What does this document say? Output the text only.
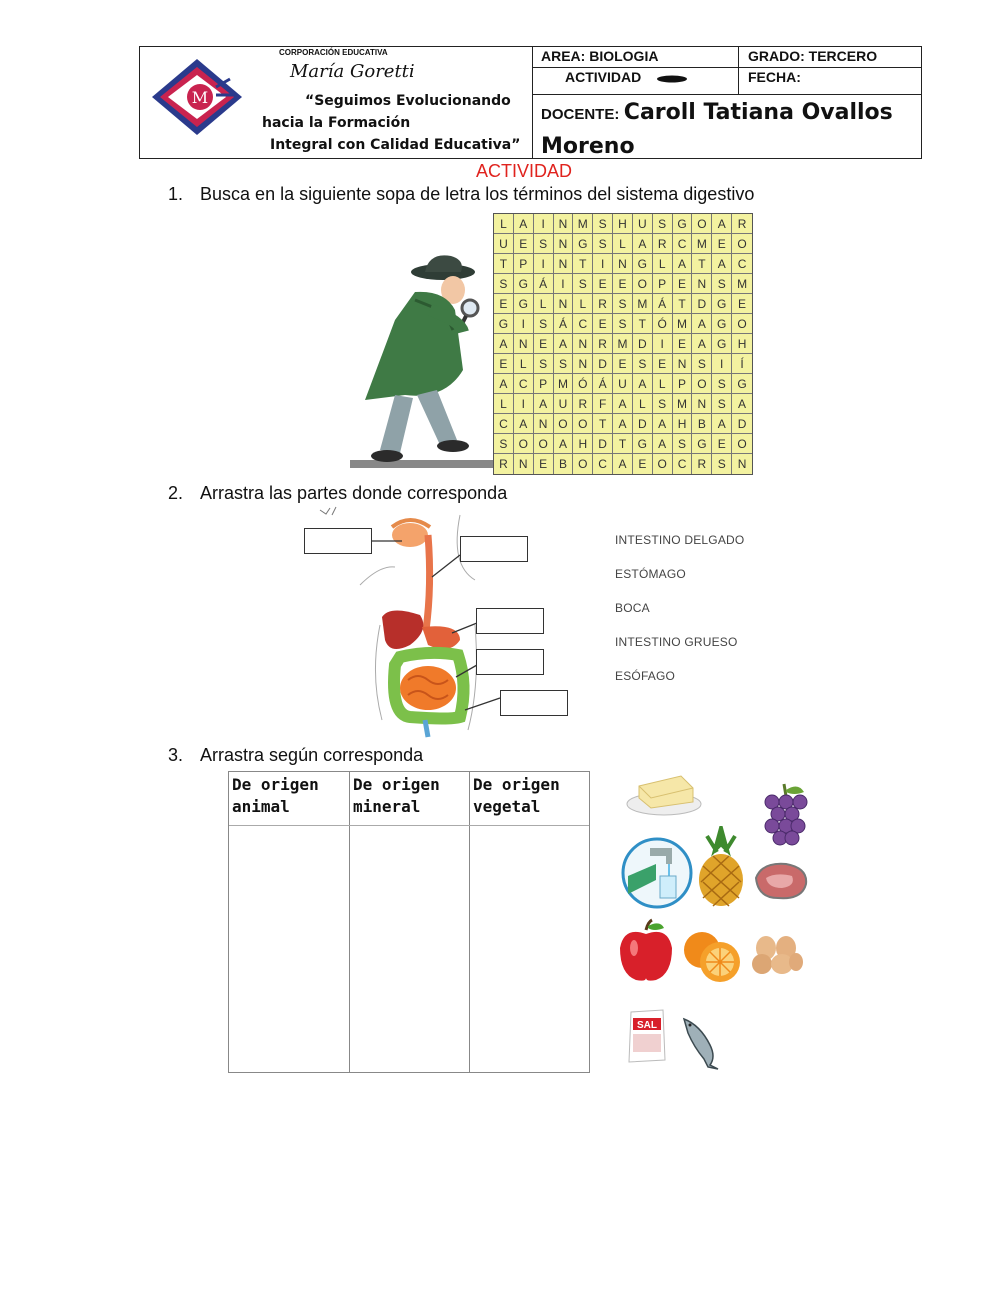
M
CORPORACIÓN EDUCATIVA
María Goretti
“Seguimos Evolucionando
hacia la Formación
Integral con Calidad Educativa”
AREA: BIOLOGIA	GRADO: TERCERO
ACTIVIDAD	FECHA:
DOCENTE: Caroll Tatiana Ovallos
Moreno
ACTIVIDAD
1. Busca en la siguiente sopa de letra los términos del sistema digestivo
L	A	I	N M S H U S G O A	R
U E S N G S	L	A R C M E O
T	P	I	N T	I	N G L	A	T	A	C
S G Á	I	S E E O P E N S M
E G L	N	L	R S M Á	T D G E
G	I	S Á C E S	T Ó M A G O
A N E A N R M D	I	E A G H
E	L	S S N D E S E N S	I	Í
A C P M Ó Á U A	L	P O S G
L	I	A U R F	A	L	S M N S	A
C A N O O T	A D A H B A	D
S O O A H D T G A S G E O
R N E B O C A E O C R S	N
2. Arrastra las partes donde corresponda
INTESTINO DELGADO
ESTÓMAGO
BOCA
INTESTINO GRUESO
ESÓFAGO
3. Arrastra según corresponda
De origen
animal
De origen
mineral
De origen
vegetal
SAL
